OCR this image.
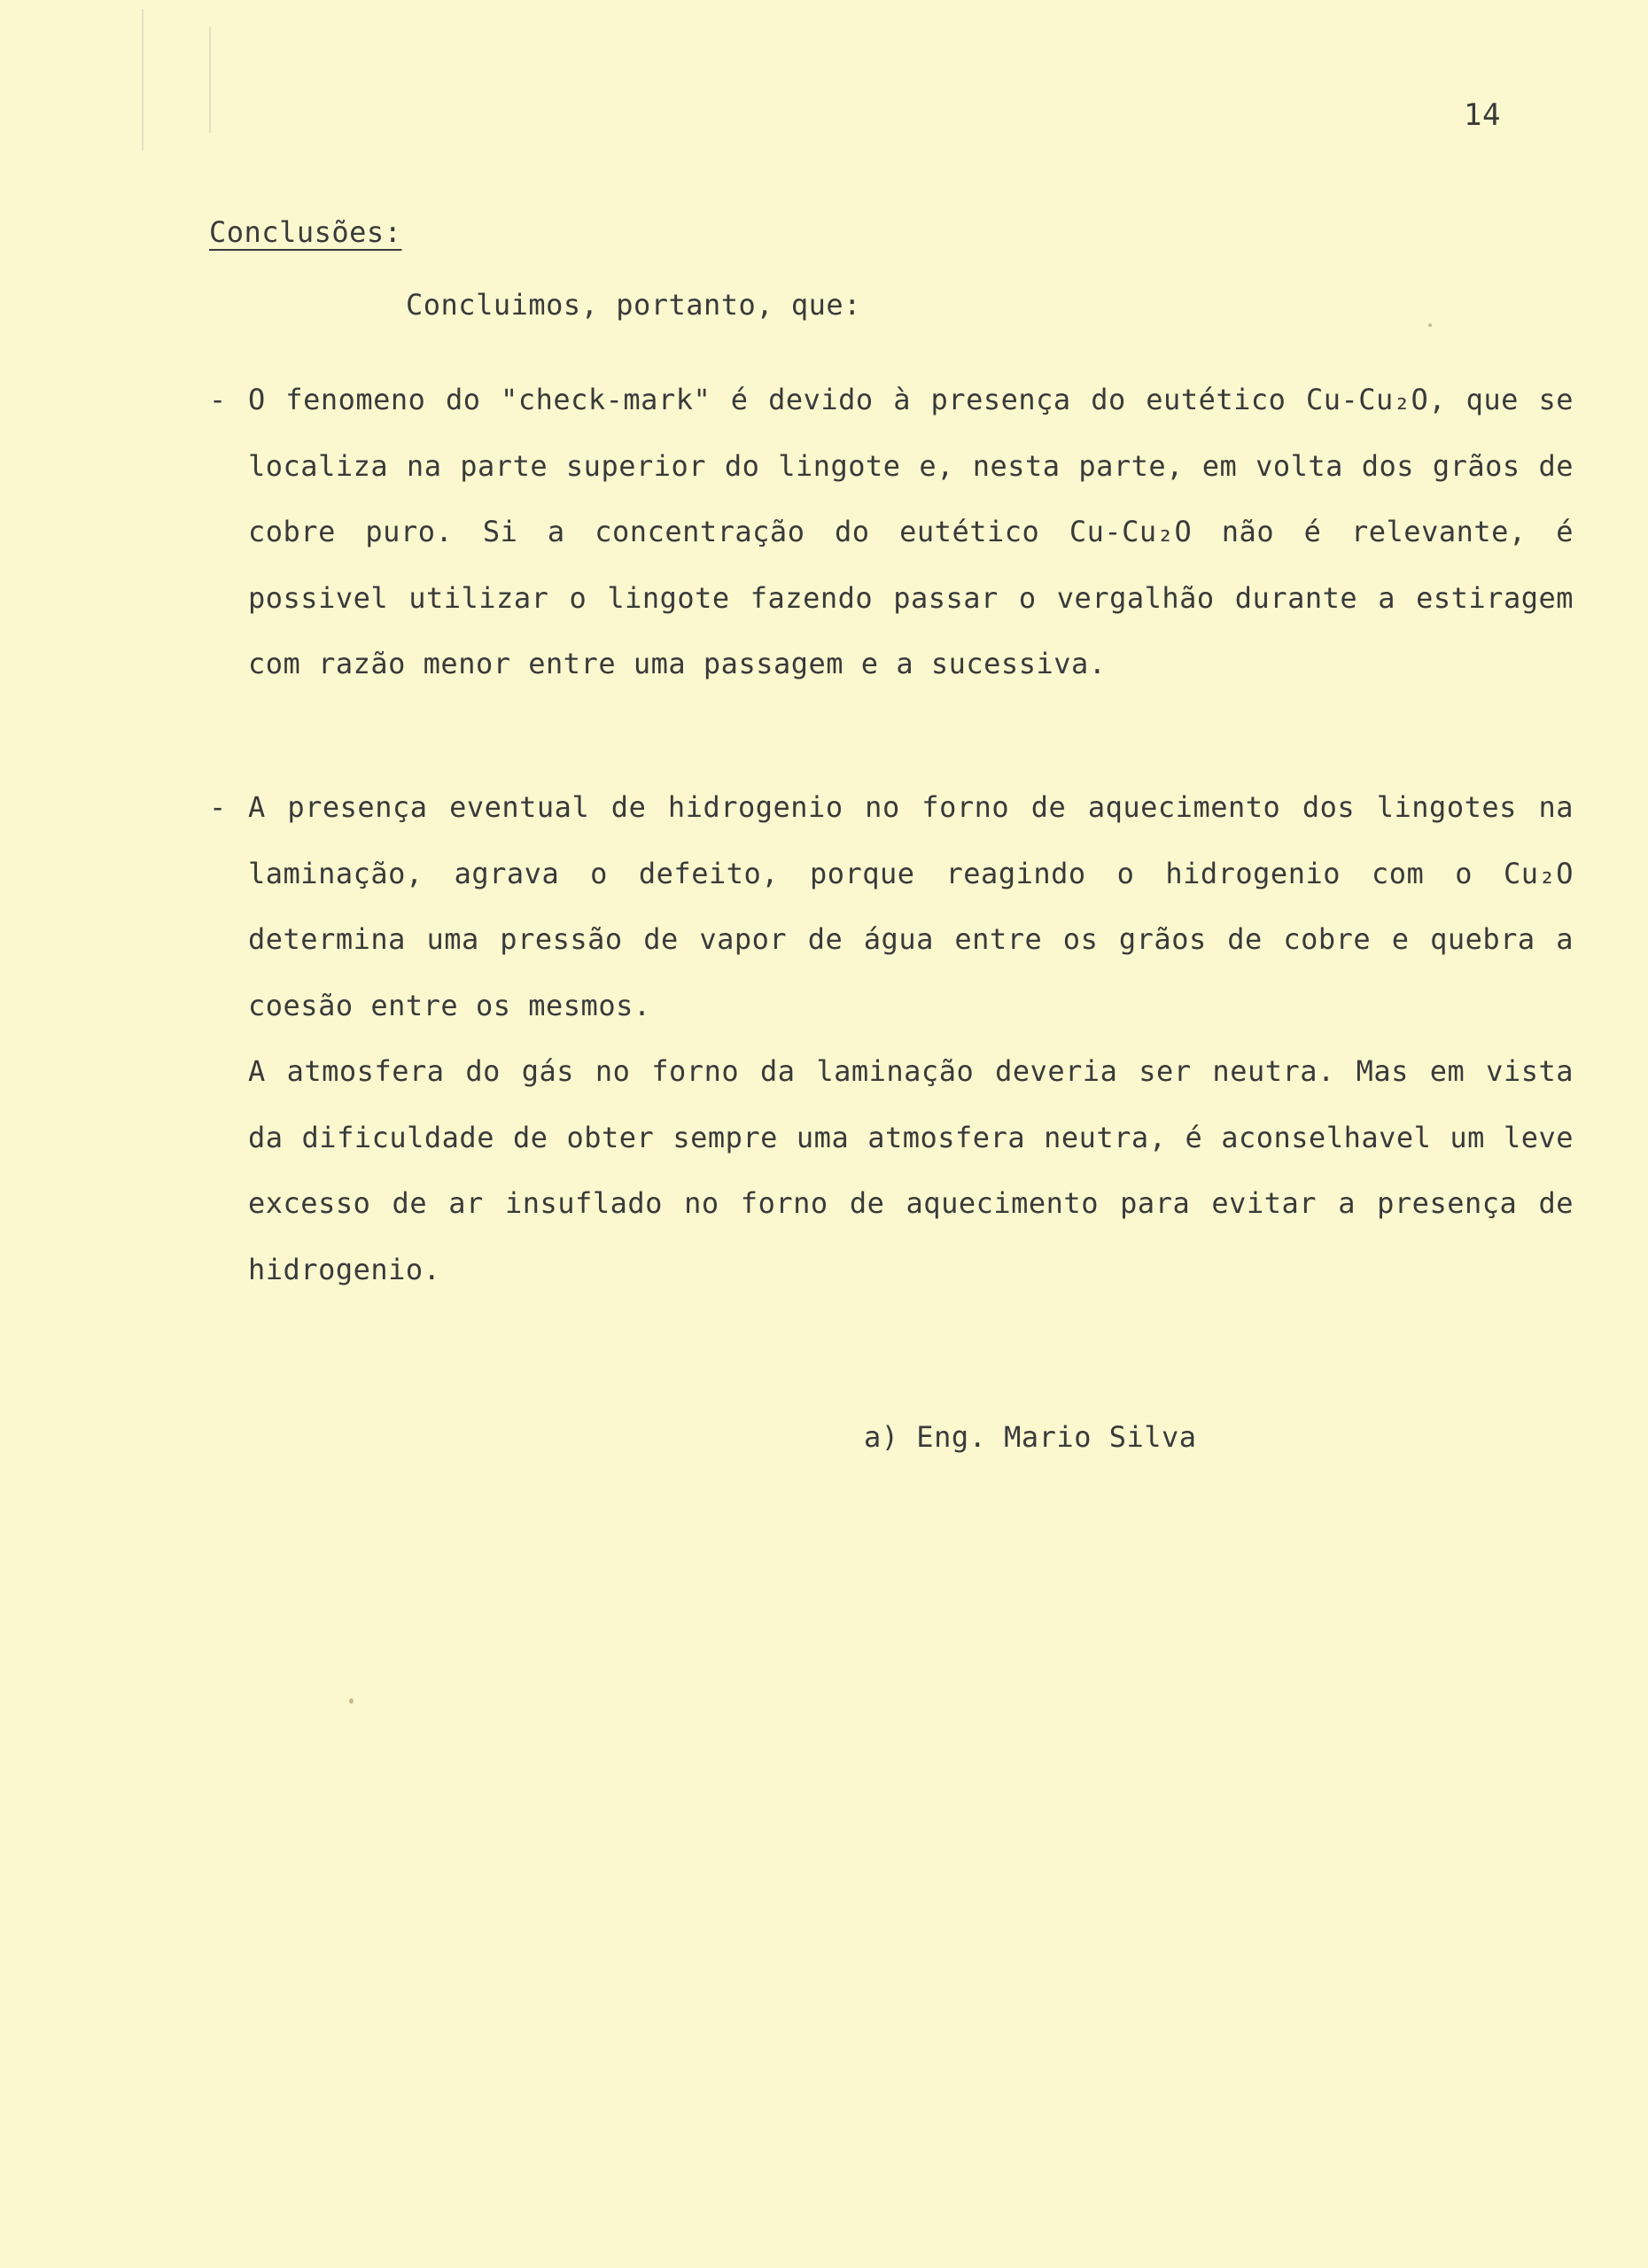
14

Conclusões:

Concluimos, portanto, que:

- O fenomeno do "check-mark" é devido à presença do eutético Cu-Cu₂O, que se localiza na parte superior do lingote e, nesta parte, em volta dos grãos de cobre puro. Si a concentração do eutético Cu-Cu₂O não é relevante, é possivel utilizar o lingote fazendo passar o vergalhão durante a estiragem com razão menor entre uma passagem e a sucessiva.

- A presença eventual de hidrogenio no forno de aquecimento dos lingotes na laminação, agrava o defeito, porque reagindo o hidrogenio com o Cu₂O determina uma pressão de vapor de água entre os grãos de cobre e quebra a coesão entre os mesmos.

A atmosfera do gás no forno da laminação deveria ser neutra. Mas em vista da dificuldade de obter sempre uma atmosfera neutra, é aconselhavel um leve excesso de ar insuflado no forno de aquecimento para evitar a presença de hidrogenio.

a) Eng. Mario Silva
